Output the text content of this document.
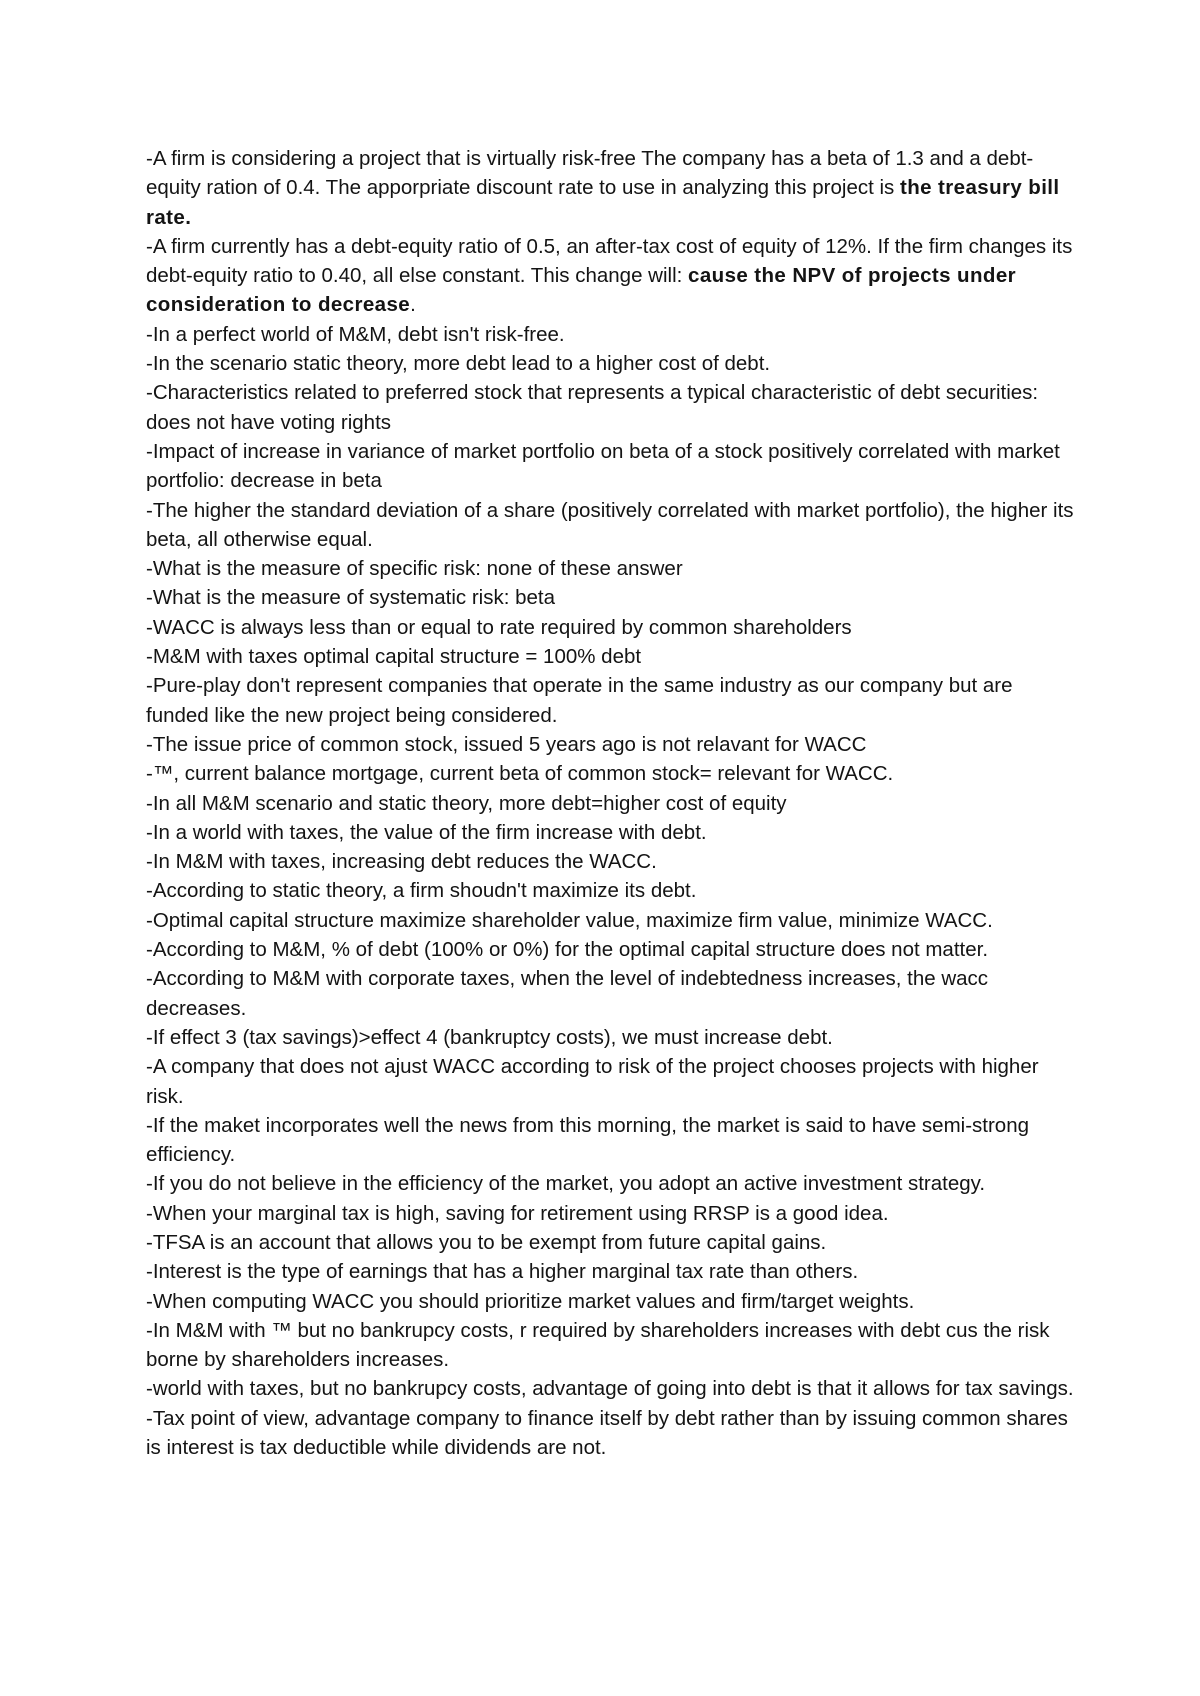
-A firm is considering a project that is virtually risk-free The company has a beta of 1.3 and a debt-equity ration of 0.4. The apporpriate discount rate to use in analyzing this project is the treasury bill rate.

-A firm currently has a debt-equity ratio of 0.5, an after-tax cost of equity of 12%. If the firm changes its debt-equity ratio to 0.40, all else constant. This change will: cause the NPV of projects under consideration to decrease.

-In a perfect world of M&M, debt isn't risk-free.

-In the scenario static theory, more debt lead to a higher cost of debt.

-Characteristics related to preferred stock that represents a typical characteristic of debt securities: does not have voting rights

-Impact of increase in variance of market portfolio on beta of a stock positively correlated with market portfolio: decrease in beta

-The higher the standard deviation of a share (positively correlated with market portfolio), the higher its beta, all otherwise equal.

-What is the measure of specific risk: none of these answer

-What is the measure of systematic risk: beta

-WACC is always less than or equal to rate required by common shareholders

-M&M with taxes optimal capital structure = 100% debt

-Pure-play don't represent companies that operate in the same industry as our company but are funded like the new project being considered.

-The issue price of common stock, issued 5 years ago is not relavant for WACC

-™, current balance mortgage, current beta of common stock= relevant for WACC.

-In all M&M scenario and static theory, more debt=higher cost of equity

-In a world with taxes, the value of the firm increase with debt.

-In M&M with taxes, increasing debt reduces the WACC.

-According to static theory, a firm shoudn't maximize its debt.

-Optimal capital structure maximize shareholder value, maximize firm value, minimize WACC.

-According to M&M, % of debt (100% or 0%) for the optimal capital structure does not matter.

-According to M&M with corporate taxes, when the level of indebtedness increases, the wacc decreases.

-If effect 3 (tax savings)>effect 4 (bankruptcy costs), we must increase debt.

-A company that does not ajust WACC according to risk of the project chooses projects with higher risk.

-If the maket incorporates well the news from this morning, the market is said to have semi-strong efficiency.

-If you do not believe in the efficiency of the market, you adopt an active investment strategy.

-When your marginal tax is high, saving for retirement using RRSP is a good idea.

-TFSA is an account that allows you to be exempt from future capital gains.

-Interest is the type of earnings that has a higher marginal tax rate than others.

-When computing WACC you should prioritize market values and firm/target weights.

-In M&M with ™ but no bankrupcy costs, r required by shareholders increases with debt cus the risk borne by shareholders increases.

-world with taxes, but no bankrupcy costs, advantage of going into debt is that it allows for tax savings.

-Tax point of view, advantage company to finance itself by debt rather than by issuing common shares is interest is tax deductible while dividends are not.
